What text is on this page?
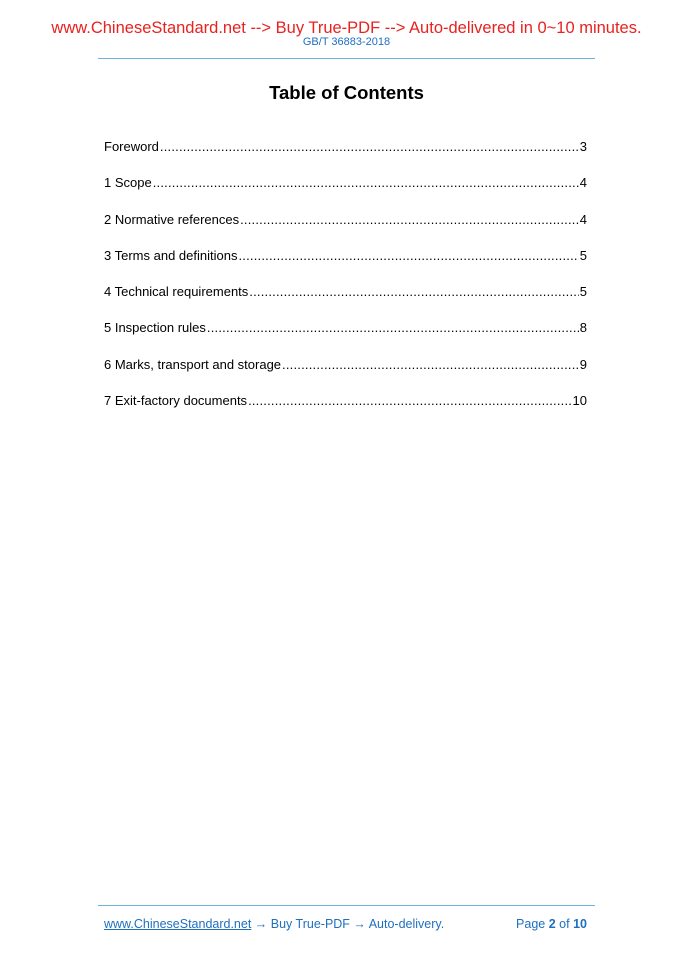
www.ChineseStandard.net --> Buy True-PDF --> Auto-delivered in 0~10 minutes.
GB/T 36883-2018
Table of Contents
Foreword .....	3
1 Scope .....	4
2 Normative references .....	4
3 Terms and definitions .....	5
4 Technical requirements .....	5
5 Inspection rules .....	8
6 Marks, transport and storage .....	9
7 Exit-factory documents .....	10
www.ChineseStandard.net → Buy True-PDF → Auto-delivery.	Page 2 of 10
